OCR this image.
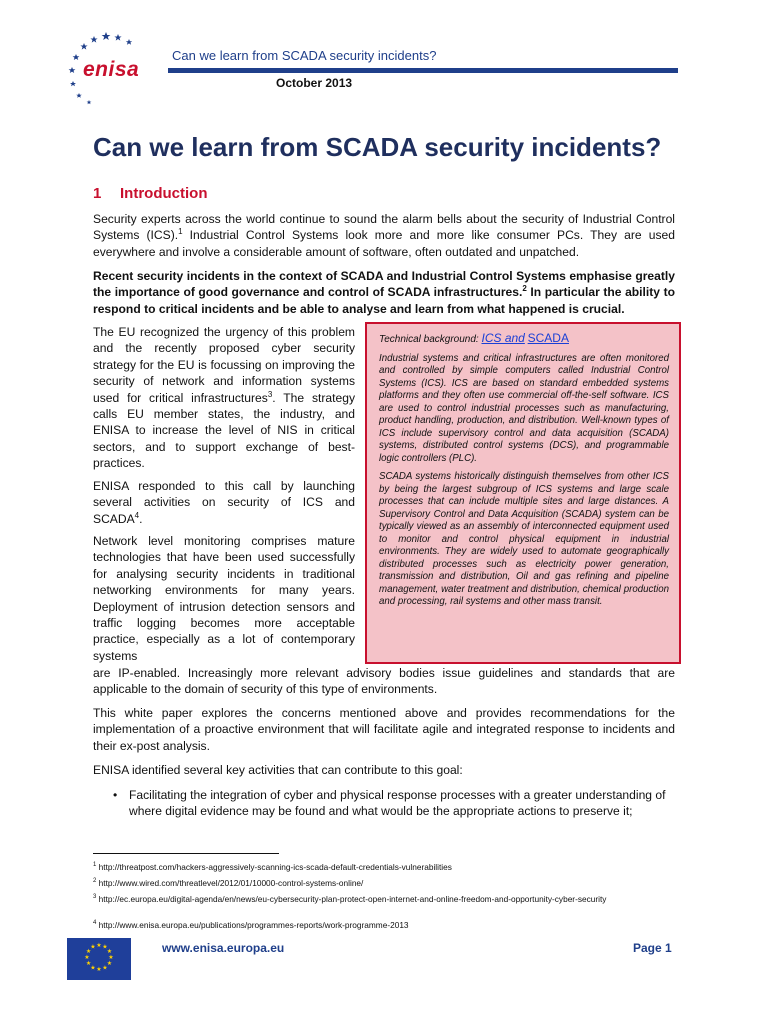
enisa
Can we learn from SCADA security incidents?
October 2013
Can we learn from SCADA security incidents?
1 Introduction

Security experts across the world continue to sound the alarm bells about the security of Industrial Control Systems (ICS).$^1$ Industrial Control Systems look more and more like consumer PCs. They are used everywhere and involve a considerable amount of software, often outdated and unpatched.

Recent security incidents in the context of SCADA and Industrial Control Systems emphasise greatly the importance of good governance and control of SCADA infrastructures.$^2$ In particular the ability to respond to critical incidents and be able to analyse and learn from what happened is crucial.

The EU recognized the urgency of this problem and the recently proposed cyber security strategy for the EU is focussing on improving the security of network and information systems used for critical infrastructures$^3$. The strategy calls EU member states, the industry, and ENISA to increase the level of NIS in critical sectors, and to support exchange of best-practices.

ENISA responded to this call by launching several activities on security of ICS and SCADA$^4$.

Network level monitoring comprises mature technologies that have been used successfully for analysing security incidents in traditional networking environments for many years. Deployment of intrusion detection sensors and traffic logging becomes more acceptable practice, especially as a lot of contemporary systems

are IP-enabled. Increasingly more relevant advisory bodies issue guidelines and standards that are applicable to the domain of security of this type of environments.

This white paper explores the concerns mentioned above and provides recommendations for the implementation of a proactive environment that will facilitate agile and integrated response to incidents and their ex-post analysis.

ENISA identified several key activities that can contribute to this goal:

• Facilitating the integration of cyber and physical response processes with a greater understanding of where digital evidence may be found and what would be the appropriate actions to preserve it;
Technical background: ICS and SCADA

Industrial systems and critical infrastructures are often monitored and controlled by simple computers called Industrial Control Systems (ICS). ICS are based on standard embedded systems platforms and they often use commercial off-the-self software. ICS are used to control industrial processes such as manufacturing, product handling, production, and distribution. Well-known types of ICS include supervisory control and data acquisition (SCADA) systems, distributed control systems (DCS), and programmable logic controllers (PLC).

SCADA systems historically distinguish themselves from other ICS by being the largest subgroup of ICS systems and large scale processes that can include multiple sites and large distances. A Supervisory Control and Data Acquisition (SCADA) system can be typically viewed as an assembly of interconnected equipment used to monitor and control physical equipment in industrial environments. They are widely used to automate geographically distributed processes such as electricity power generation, transmission and distribution, Oil and gas refining and pipeline management, water treatment and distribution, chemical production and processing, rail systems and other mass transit.

$^1$ http://threatpost.com/hackers-aggressively-scanning-ics-scada-default-credentials-vulnerabilities
$^2$ http://www.wired.com/threatlevel/2012/01/10000-control-systems-online/
$^3$ http://ec.europa.eu/digital-agenda/en/news/eu-cybersecurity-plan-protect-open-internet-and-online-freedom-and-opportunity-cyber-security
$^4$ http://www.enisa.europa.eu/publications/programmes-reports/work-programme-2013
★ ★
★
★
★
★
★
★
★
★
★
★	www.enisa.europa.eu	Page 1
